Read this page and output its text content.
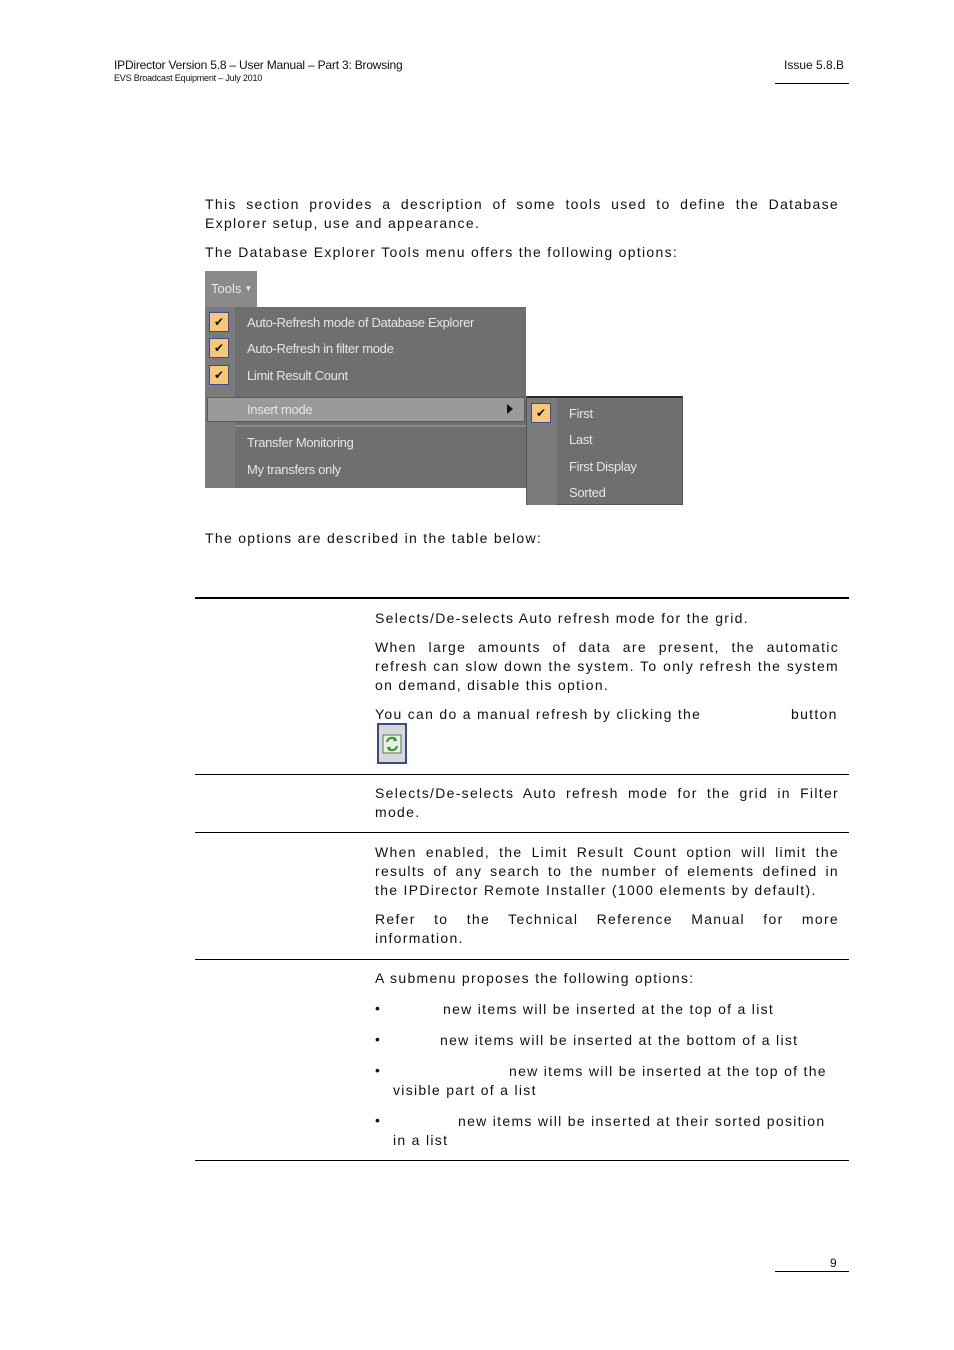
IPDirector Version 5.8 – User Manual – Part 3: Browsing
EVS Broadcast Equipment – July 2010
Issue 5.8.B
This section provides a description of some tools used to define the Database Explorer setup, use and appearance.
The Database Explorer Tools menu offers the following options:
Tools ▼
✔	Auto-Refresh mode of Database Explorer
✔	Auto-Refresh in filter mode
✔	Limit Result Count
Insert mode
Transfer Monitoring
My transfers only
✔	First
Last
First Display
Sorted
The options are described in the table below:
Selects/De-selects Auto refresh mode for the grid.
When large amounts of data are present, the automatic refresh can slow down the system. To only refresh the system on demand, disable this option.
You can do a manual refresh by clicking the	button
Selects/De-selects Auto refresh mode for the grid in Filter mode.
When enabled, the Limit Result Count option will limit the results of any search to the number of elements defined in the IPDirector Remote Installer (1000 elements by default).
Refer to the Technical Reference Manual for more information.
A submenu proposes the following options:
•	new items will be inserted at the top of a list
•	new items will be inserted at the bottom of a list
•	new items will be inserted at the top of the
visible part of a list
•	new items will be inserted at their sorted position
in a list
9
